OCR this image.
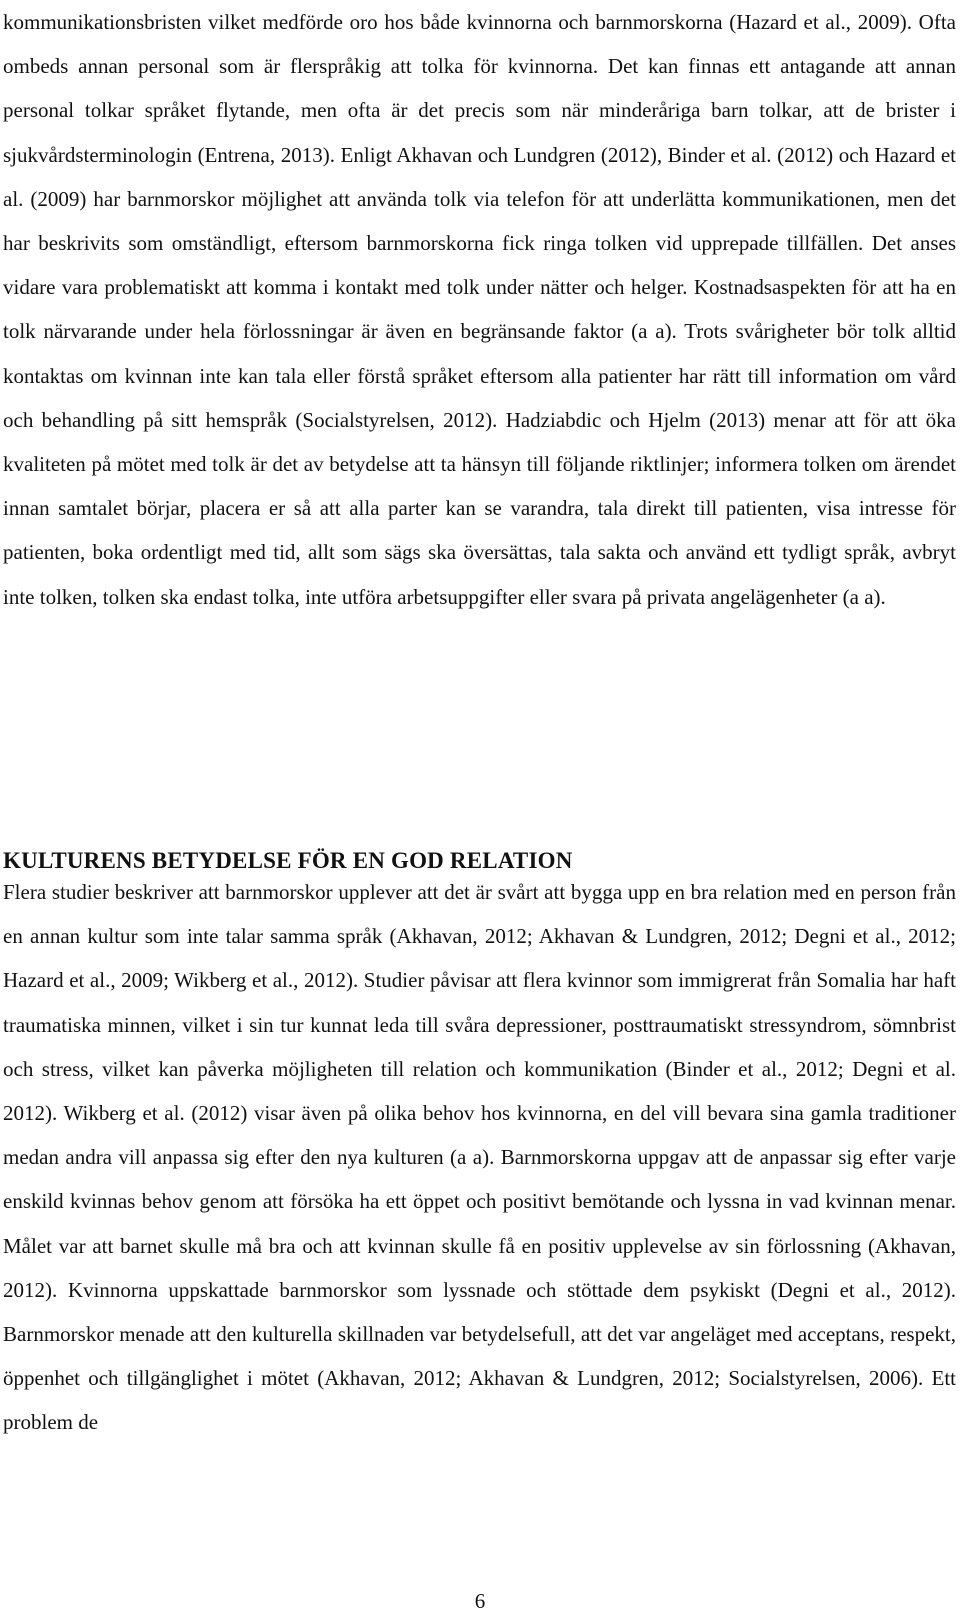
kommunikationsbristen vilket medförde oro hos både kvinnorna och barnmorskorna (Hazard et al., 2009). Ofta ombeds annan personal som är flerspråkig att tolka för kvinnorna. Det kan finnas ett antagande att annan personal tolkar språket flytande, men ofta är det precis som när minderåriga barn tolkar, att de brister i sjukvårdsterminologin (Entrena, 2013). Enligt Akhavan och Lundgren (2012), Binder et al. (2012) och Hazard et al. (2009) har barnmorskor möjlighet att använda tolk via telefon för att underlätta kommunikationen, men det har beskrivits som omständligt, eftersom barnmorskorna fick ringa tolken vid upprepade tillfällen. Det anses vidare vara problematiskt att komma i kontakt med tolk under nätter och helger. Kostnadsaspekten för att ha en tolk närvarande under hela förlossningar är även en begränsande faktor (a a). Trots svårigheter bör tolk alltid kontaktas om kvinnan inte kan tala eller förstå språket eftersom alla patienter har rätt till information om vård och behandling på sitt hemspråk (Socialstyrelsen, 2012). Hadziabdic och Hjelm (2013) menar att för att öka kvaliteten på mötet med tolk är det av betydelse att ta hänsyn till följande riktlinjer; informera tolken om ärendet innan samtalet börjar, placera er så att alla parter kan se varandra, tala direkt till patienten, visa intresse för patienten, boka ordentligt med tid, allt som sägs ska översättas, tala sakta och använd ett tydligt språk, avbryt inte tolken, tolken ska endast tolka, inte utföra arbetsuppgifter eller svara på privata angelägenheter (a a).

KULTURENS BETYDELSE FÖR EN GOD RELATION

Flera studier beskriver att barnmorskor upplever att det är svårt att bygga upp en bra relation med en person från en annan kultur som inte talar samma språk (Akhavan, 2012; Akhavan & Lundgren, 2012; Degni et al., 2012; Hazard et al., 2009; Wikberg et al., 2012). Studier påvisar att flera kvinnor som immigrerat från Somalia har haft traumatiska minnen, vilket i sin tur kunnat leda till svåra depressioner, posttraumatiskt stressyndrom, sömnbrist och stress, vilket kan påverka möjligheten till relation och kommunikation (Binder et al., 2012; Degni et al. 2012). Wikberg et al. (2012) visar även på olika behov hos kvinnorna, en del vill bevara sina gamla traditioner medan andra vill anpassa sig efter den nya kulturen (a a). Barnmorskorna uppgav att de anpassar sig efter varje enskild kvinnas behov genom att försöka ha ett öppet och positivt bemötande och lyssna in vad kvinnan menar. Målet var att barnet skulle må bra och att kvinnan skulle få en positiv upplevelse av sin förlossning (Akhavan, 2012). Kvinnorna uppskattade barnmorskor som lyssnade och stöttade dem psykiskt (Degni et al., 2012). Barnmorskor menade att den kulturella skillnaden var betydelsefull, att det var angeläget med acceptans, respekt, öppenhet och tillgänglighet i mötet (Akhavan, 2012; Akhavan & Lundgren, 2012; Socialstyrelsen, 2006). Ett problem de

6
